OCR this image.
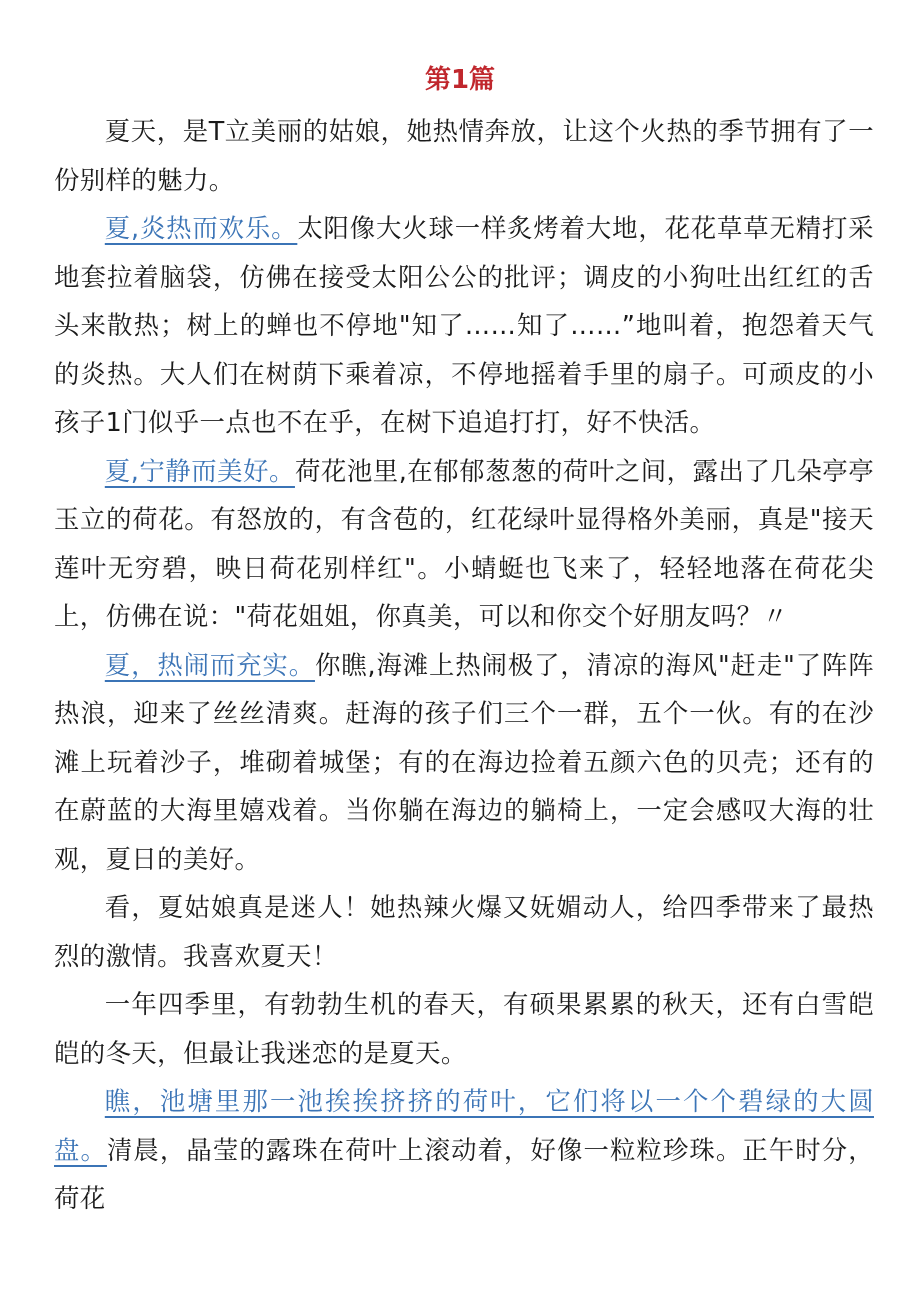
第1篇

夏天，是T立美丽的姑娘，她热情奔放，让这个火热的季节拥有了一份别样的魅力。

夏,炎热而欢乐。太阳像大火球一样炙烤着大地，花花草草无精打采地套拉着脑袋，仿佛在接受太阳公公的批评；调皮的小狗吐出红红的舌头来散热；树上的蝉也不停地"知了……知了……”地叫着，抱怨着天气的炎热。大人们在树荫下乘着凉，不停地摇着手里的扇子。可顽皮的小孩子1门似乎一点也不在乎，在树下追追打打，好不快活。

夏,宁静而美好。荷花池里,在郁郁葱葱的荷叶之间，露出了几朵亭亭玉立的荷花。有怒放的，有含苞的，红花绿叶显得格外美丽，真是"接天莲叶无穷碧，映日荷花别样红"。小蜻蜓也飞来了，轻轻地落在荷花尖上，仿佛在说："荷花姐姐，你真美，可以和你交个好朋友吗？〃

夏，热闹而充实。你瞧,海滩上热闹极了，清凉的海风"赶走"了阵阵热浪，迎来了丝丝清爽。赶海的孩子们三个一群，五个一伙。有的在沙滩上玩着沙子，堆砌着城堡；有的在海边捡着五颜六色的贝壳；还有的在蔚蓝的大海里嬉戏着。当你躺在海边的躺椅上，一定会感叹大海的壮观，夏日的美好。

看，夏姑娘真是迷人！她热辣火爆又妩媚动人，给四季带来了最热烈的激情。我喜欢夏天！

一年四季里，有勃勃生机的春天，有硕果累累的秋天，还有白雪皑皑的冬天，但最让我迷恋的是夏天。

瞧，池塘里那一池挨挨挤挤的荷叶，它们将以一个个碧绿的大圆盘。清晨，晶莹的露珠在荷叶上滚动着，好像一粒粒珍珠。正午时分，荷花
